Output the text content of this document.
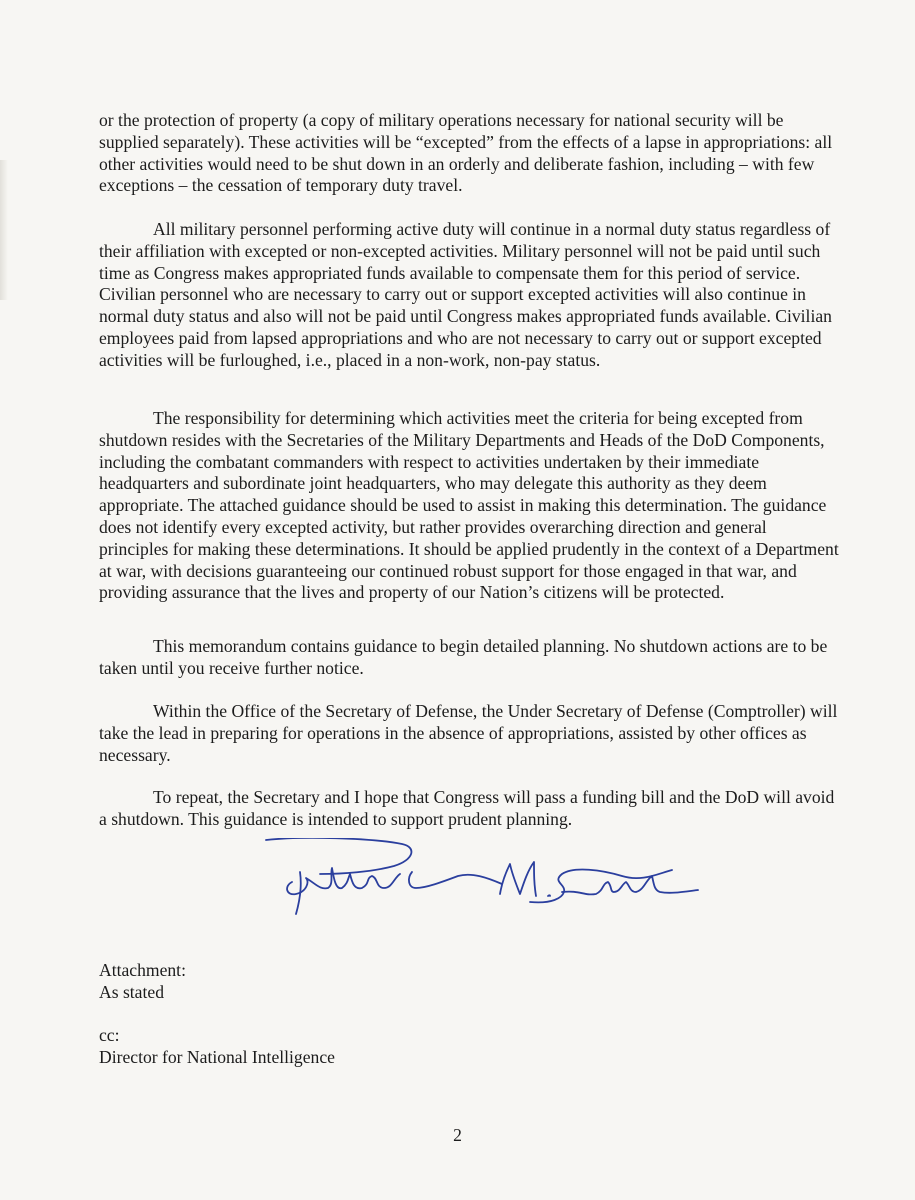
or the protection of property (a copy of military operations necessary for national security will be supplied separately). These activities will be “excepted” from the effects of a lapse in appropriations: all other activities would need to be shut down in an orderly and deliberate fashion, including – with few exceptions – the cessation of temporary duty travel.

All military personnel performing active duty will continue in a normal duty status regardless of their affiliation with excepted or non-excepted activities. Military personnel will not be paid until such time as Congress makes appropriated funds available to compensate them for this period of service. Civilian personnel who are necessary to carry out or support excepted activities will also continue in normal duty status and also will not be paid until Congress makes appropriated funds available. Civilian employees paid from lapsed appropriations and who are not necessary to carry out or support excepted activities will be furloughed, i.e., placed in a non-work, non-pay status.

The responsibility for determining which activities meet the criteria for being excepted from shutdown resides with the Secretaries of the Military Departments and Heads of the DoD Components, including the combatant commanders with respect to activities undertaken by their immediate headquarters and subordinate joint headquarters, who may delegate this authority as they deem appropriate. The attached guidance should be used to assist in making this determination. The guidance does not identify every excepted activity, but rather provides overarching direction and general principles for making these determinations. It should be applied prudently in the context of a Department at war, with decisions guaranteeing our continued robust support for those engaged in that war, and providing assurance that the lives and property of our Nation’s citizens will be protected.

This memorandum contains guidance to begin detailed planning. No shutdown actions are to be taken until you receive further notice.

Within the Office of the Secretary of Defense, the Under Secretary of Defense (Comptroller) will take the lead in preparing for operations in the absence of appropriations, assisted by other offices as necessary.

To repeat, the Secretary and I hope that Congress will pass a funding bill and the DoD will avoid a shutdown. This guidance is intended to support prudent planning.

Attachment:
As stated
cc:
Director for National Intelligence
2
